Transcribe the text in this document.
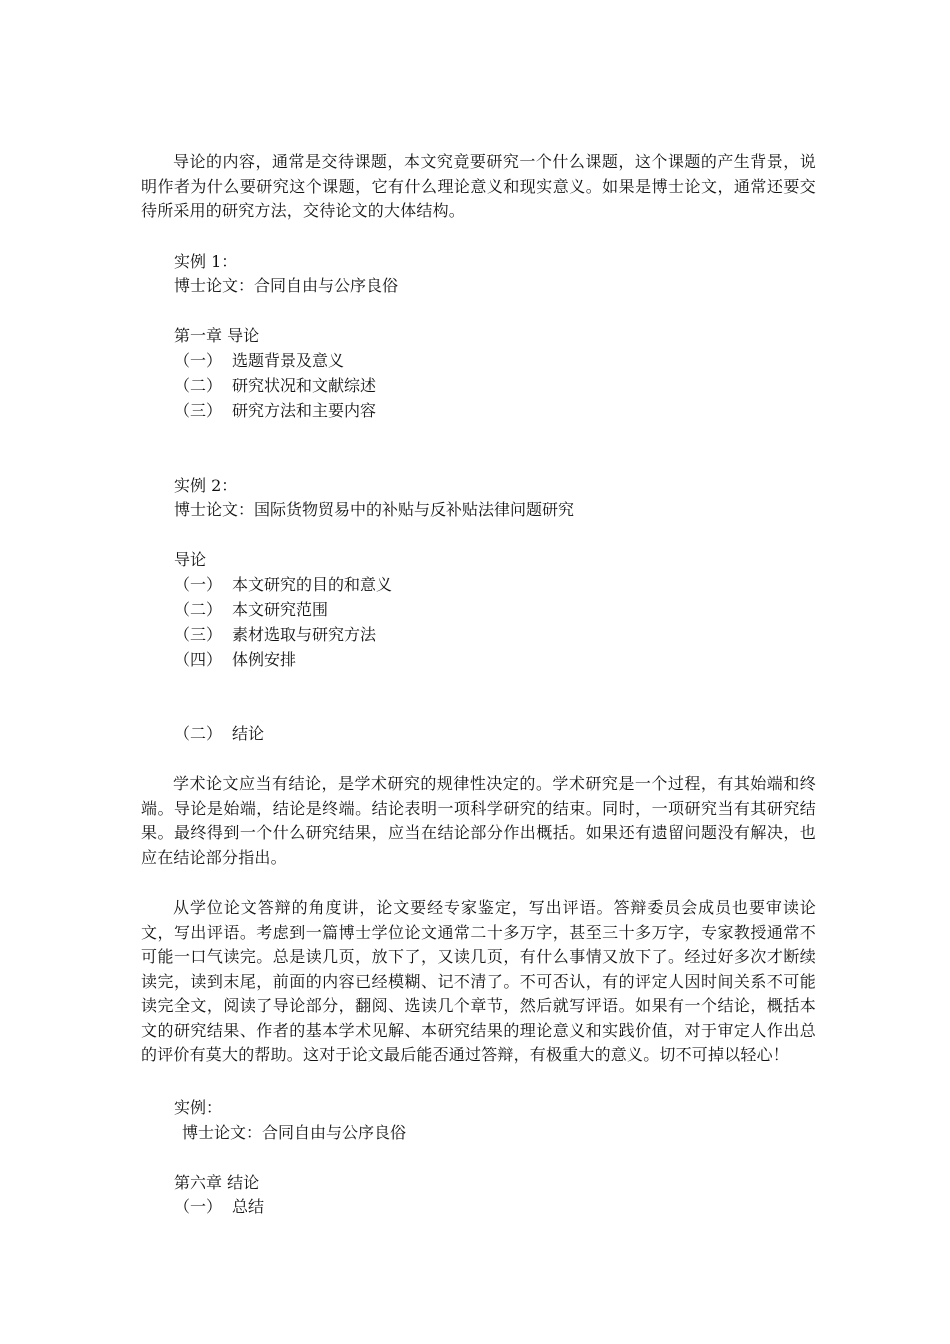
导论的内容，通常是交待课题，本文究竟要研究一个什么课题，这个课题的产生背景，说明作者为什么要研究这个课题，它有什么理论意义和现实意义。如果是博士论文，通常还要交待所采用的研究方法，交待论文的大体结构。

实例 1：

博士论文：合同自由与公序良俗

第一章 导论

（一） 选题背景及意义

（二） 研究状况和文献综述

（三） 研究方法和主要内容

实例 2：

博士论文：国际货物贸易中的补贴与反补贴法律问题研究

导论

（一） 本文研究的目的和意义

（二） 本文研究范围

（三） 素材选取与研究方法

（四） 体例安排

（二） 结论

学术论文应当有结论，是学术研究的规律性决定的。学术研究是一个过程，有其始端和终端。导论是始端，结论是终端。结论表明一项科学研究的结束。同时，一项研究当有其研究结果。最终得到一个什么研究结果，应当在结论部分作出概括。如果还有遗留问题没有解决，也应在结论部分指出。

从学位论文答辩的角度讲，论文要经专家鉴定，写出评语。答辩委员会成员也要审读论文，写出评语。考虑到一篇博士学位论文通常二十多万字，甚至三十多万字，专家教授通常不可能一口气读完。总是读几页，放下了，又读几页，有什么事情又放下了。经过好多次才断续读完，读到末尾，前面的内容已经模糊、记不清了。不可否认，有的评定人因时间关系不可能读完全文，阅读了导论部分，翻阅、选读几个章节，然后就写评语。如果有一个结论，概括本文的研究结果、作者的基本学术见解、本研究结果的理论意义和实践价值，对于审定人作出总的评价有莫大的帮助。这对于论文最后能否通过答辩，有极重大的意义。切不可掉以轻心！

实例：

博士论文：合同自由与公序良俗

第六章 结论

（一） 总结
